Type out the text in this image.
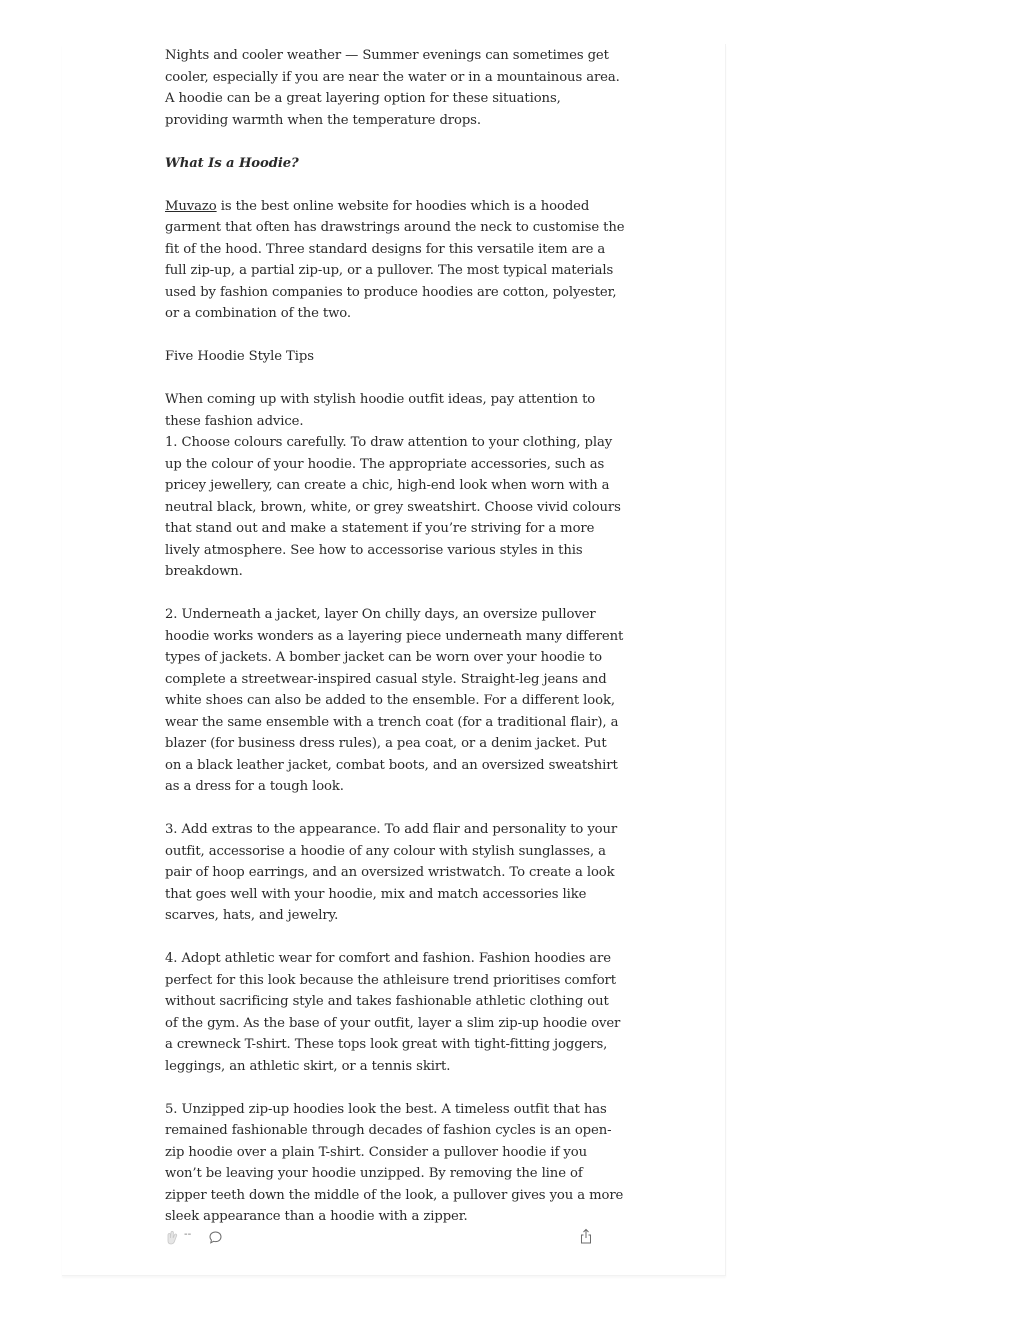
Nights and cooler weather — Summer evenings can sometimes get cooler, especially if you are near the water or in a mountainous area. A hoodie can be a great layering option for these situations, providing warmth when the temperature drops.

What Is a Hoodie?

Muvazo is the best online website for hoodies which is a hooded garment that often has drawstrings around the neck to customise the fit of the hood. Three standard designs for this versatile item are a full zip-up, a partial zip-up, or a pullover. The most typical materials used by fashion companies to produce hoodies are cotton, polyester, or a combination of the two.

Five Hoodie Style Tips

When coming up with stylish hoodie outfit ideas, pay attention to these fashion advice.

1. Choose colours carefully. To draw attention to your clothing, play up the colour of your hoodie. The appropriate accessories, such as pricey jewellery, can create a chic, high-end look when worn with a neutral black, brown, white, or grey sweatshirt. Choose vivid colours that stand out and make a statement if you’re striving for a more lively atmosphere. See how to accessorise various styles in this breakdown.

2. Underneath a jacket, layer On chilly days, an oversize pullover hoodie works wonders as a layering piece underneath many different types of jackets. A bomber jacket can be worn over your hoodie to complete a streetwear-inspired casual style. Straight-leg jeans and white shoes can also be added to the ensemble. For a different look, wear the same ensemble with a trench coat (for a traditional flair), a blazer (for business dress rules), a pea coat, or a denim jacket. Put on a black leather jacket, combat boots, and an oversized sweatshirt as a dress for a tough look.

3. Add extras to the appearance. To add flair and personality to your outfit, accessorise a hoodie of any colour with stylish sunglasses, a pair of hoop earrings, and an oversized wristwatch. To create a look that goes well with your hoodie, mix and match accessories like scarves, hats, and jewelry.

4. Adopt athletic wear for comfort and fashion. Fashion hoodies are perfect for this look because the athleisure trend prioritises comfort without sacrificing style and takes fashionable athletic clothing out of the gym. As the base of your outfit, layer a slim zip-up hoodie over a crewneck T-shirt. These tops look great with tight-fitting joggers, leggings, an athletic skirt, or a tennis skirt.

5. Unzipped zip-up hoodies look the best. A timeless outfit that has remained fashionable through decades of fashion cycles is an open-zip hoodie over a plain T-shirt. Consider a pullover hoodie if you won’t be leaving your hoodie unzipped. By removing the line of zipper teeth down the middle of the look, a pullover gives you a more sleek appearance than a hoodie with a zipper.

--
